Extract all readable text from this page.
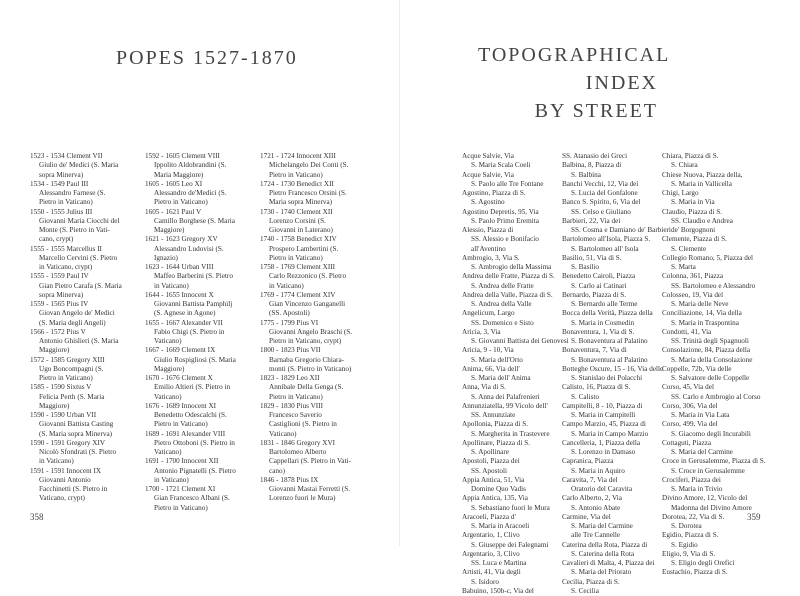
POPES 1527-1870
1523 - 1534 Clement VII
Giulio de' Medici (S. Maria
sopra Minerva)
1534 - 1549 Paul III
Alessandro Farnese (S.
Pietro in Vaticano)
1550 - 1555 Julius III
Giovanni Maria Ciocchi del
Monte (S. Pietro in Vati-
cano, crypt)
1555 - 1555 Marcellus II
Marcello Cervini (S. Pietro
in Vaticano, crypt)
1555 - 1559 Paul IV
Gian Pietro Carafa (S. Maria
sopra Minerva)
1559 - 1565 Pius IV
Giovan Angelo de' Medici
(S. Maria degli Angeli)
1566 - 1572 Pius V
Antonio Ghislieri (S. Maria
Maggiore)
1572 - 1585 Gregory XIII
Ugo Boncompagni (S.
Pietro in Vaticano)
1585 - 1590 Sixtus V
Felicia Perth (S. Maria
Maggiore)
1590 - 1590 Urban VII
Giovanni Battista Casting
(S. Maria sopra Minerva)
1590 - 1591 Gregory XIV
Nicolò Sfondrati (S. Pietro
in Vaticano)
1591 - 1591 Innocent IX
Giovanni Antonio
Facchinetti (S. Pietro in
Vaticano, crypt)
1592 - 1605 Clement VIII
Ippolito Aldobrandini (S.
Maria Maggiore)
1605 - 1605 Leo XI
Alessandro de'Medici (S.
Pietro in Vaticano)
1605 - 1621 Paul V
Camillo Borghese (S. Maria
Maggiore)
1621 - 1623 Gregory XV
Alessandro Ludovisi (S.
Ignazio)
1623 - 1644 Urban VIII
Maffeo Barberini (S. Pietro
in Vaticano)
1644 - 1655 Innocent X
Giovanni Battista Pamphilj
(S. Agnese in Agone)
1655 - 1667 Alexander VII
Fabio Chigi (S. Pietro in
Vaticano)
1667 - 1669 Clement IX
Giulio Rospigliosi (S. Maria
Maggiore)
1670 - 1676 Clement X
Emilio Altieri (S. Pietro in
Vaticano)
1676 - 1689 Innocent XI
Benedetto Odescalchi (S.
Pietro in Vaticano)
1689 - 1691 Alexander VIII
Pietro Ottoboni (S. Pietro in
Vaticano)
1691 - 1700 Innocent XII
Antonio Pignatelli (S. Pietro
in Vaticano)
1700 - 1721 Clement XI
Gian Francesco Albani (S.
Pietro in Vaticano)
1721 - 1724 Innocent XIII
Michelangelo Dei Conti (S.
Pietro in Vaticano)
1724 - 1730 Benedict XII
Pietro Francesco Orsini (S.
Maria sopra Minerva)
1730 - 1740 Clement XII
Lorenzo Corsini (S.
Giovanni in Laterano)
1740 - 1758 Benedict XIV
Prospero Lambertini (S.
Pietro in Vaticano)
1758 - 1769 Clement XIII
Carlo Rezzonico (S. Pietro
in Vaticano)
1769 - 1774 Clement XIV
Gian Vincenzo Ganganelli
(SS. Apostoli)
1775 - 1799 Pius VI
Giovanni Angelo Braschi (S.
Pietro in Vaticano, crypt)
1800 - 1823 Pius VII
Barnaba Gregorio Chiara-
monti (S. Pietro in Vaticano)
1823 - 1829 Leo XII
Annibale Della Genga (S.
Pietro in Vaticano)
1829 - 1830 Pius VIII
Francesco Saverio
Castiglioni (S. Pietro in
Vaticano)
1831 - 1846 Gregory XVI
Bartolomeo Alberto
Cappellari (S. Pietro in Vati-
cano)
1846 - 1878 Pius IX
Giovanni Mastai Ferretti (S.
Lorenzo fuori le Mura)
358
TOPOGRAPHICAL INDEX
BY STREET
Acque Salvie, Via
S. Maria Scala Coeli
Acque Salvie, Via
S. Paolo alle Tre Fontane
Agostino, Piazza di S.
S. Agostino
Agostino Depretis, 95, Via
S. Paolo Primo Eremita
Alessio, Piazza di
SS. Alessio e Bonifacio
all'Aventino
Ambrogio, 3, Via S.
S. Ambrogio della Massima
Andrea delle Fratte, Piazza di S.
S. Andrea delle Fratte
Andrea della Valle, Piazza di S.
S. Andrea della Valle
Angelicum, Largo
SS. Domenico e Sisto
Aricia, 3, Via
S. Giovanni Battista dei Genovesi
Aricia, 9 - 10, Via
S. Maria dell'Orto
Anima, 66, Via dell'
S. Maria dell' Anima
Anna, Via di S.
S. Anna dei Palafrenieri
Annunziatella, 99 Vicolo dell'
SS. Annunziate
Apollonia, Piazza di S.
S. Margherita in Trastevere
Apollinare, Piazza di S.
S. Apollinare
Apostoli, Piazza dei
SS. Apostoli
Appia Antica, 51, Via
Domine Quo Vadis
Appia Antica, 135, Via
S. Sebastiano fuori le Mura
Aracoeli, Piazza d'
S. Maria in Aracoeli
Argentario, 1, Clivo
S. Giuseppe dei Falegnami
Argentario, 3, Clivo
SS. Luca e Martina
Artisti, 41, Via degli
S. Isidoro
Babuino, 150b-c, Via del
SS. Atanasio dei Greci
Balbina, 8, Piazza di
S. Balbina
Banchi Vecchi, 12, Via dei
S. Lucia del Gonfalone
Banco S. Spirito, 6, Via del
SS. Celso e Giuliano
Barbieri, 22, Via dei
SS. Cosma e Damiano de' Barbieri
Bartolomeo all'Isola, Piazza S.
S. Bartolomeo all' Isola
Basilio, 51, Via di S.
S. Basilio
Benedetto Cairoli, Piazza
S. Carlo ai Catinari
Bernardo, Piazza di S.
S. Bernardo alle Terme
Bocca della Verità, Piazza della
S. Maria in Cosmedin
Bonaventura, 1, Via di S.
S. Bonaventura al Palatino
Bonaventura, 7, Via di
S. Bonaventura al Palatino
Botteghe Oscure, 15 - 16, Via delle
S. Stanislao dei Polacchi
Calisto, 16, Piazza di S.
S. Calisto
Campitelli, 8 - 10, Piazza di
S. Maria in Campitelli
Campo Marzio, 45, Piazza di
S. Maria in Campo Marzio
Cancelleria, 1, Piazza della
S. Lorenzo in Damaso
Capranica, Piazza
S. Maria in Aquiro
Caravita, 7, Via del
Oratorio del Caravita
Carlo Alberto, 2, Via
S. Antonio Abate
Carmine, Via del
S. Maria del Carmine
alle Tre Cannelle
Caterina della Rota, Piazza di
S. Caterina della Rota
Cavalieri di Malta, 4, Piazza dei
S. Maria del Priorato
Cecilia, Piazza di S.
S. Cecilia
Chiara, Piazza di S.
S. Chiara
Chiese Nuova, Piazza della,
S. Maria in Vallicella
Chigi, Largo
S. Maria in Via
Claudio, Piazza di S.
SS. Claudio e Andrea
de' Borgognoni
Clemente, Piazza di S.
S. Clemente
Collegio Romano, 5, Piazza del
S. Marta
Colonna, 361, Piazza
SS. Bartolomeo e Alessandro
Colosseo, 19, Via del
S. Maria delle Neve
Conciliazione, 14, Via della
S. Maria in Traspontina
Condotti, 41, Via
SS. Trinità degli Spagnuoli
Consolazione, 84, Piazza della
S. Maria della Consolazione
Coppelle, 72b, Via delle
S. Salvatore delle Coppelle
Corso, 45, Via del
SS. Carlo e Ambrogio al Corso
Corso, 306, Via del
S. Maria in Via Lata
Corso, 499, Via del
S. Giacomo degli Incurabili
Cottaguti, Piazza
S. Maria del Carmine
Croce in Gerusalemme, Piazza di S.
S. Croce in Gerusalemme
Crociferi, Piazza dei
S. Maria in Trivio
Divino Amore, 12, Vicolo del
Madonna del Divino Amore
Dorotea, 22, Via di S.
S. Dorotea
Egidio, Piazza di S.
S. Egidio
Eligio, 9, Via di S.
S. Eligio degli Orefici
Eustachio, Piazza di S.
359
